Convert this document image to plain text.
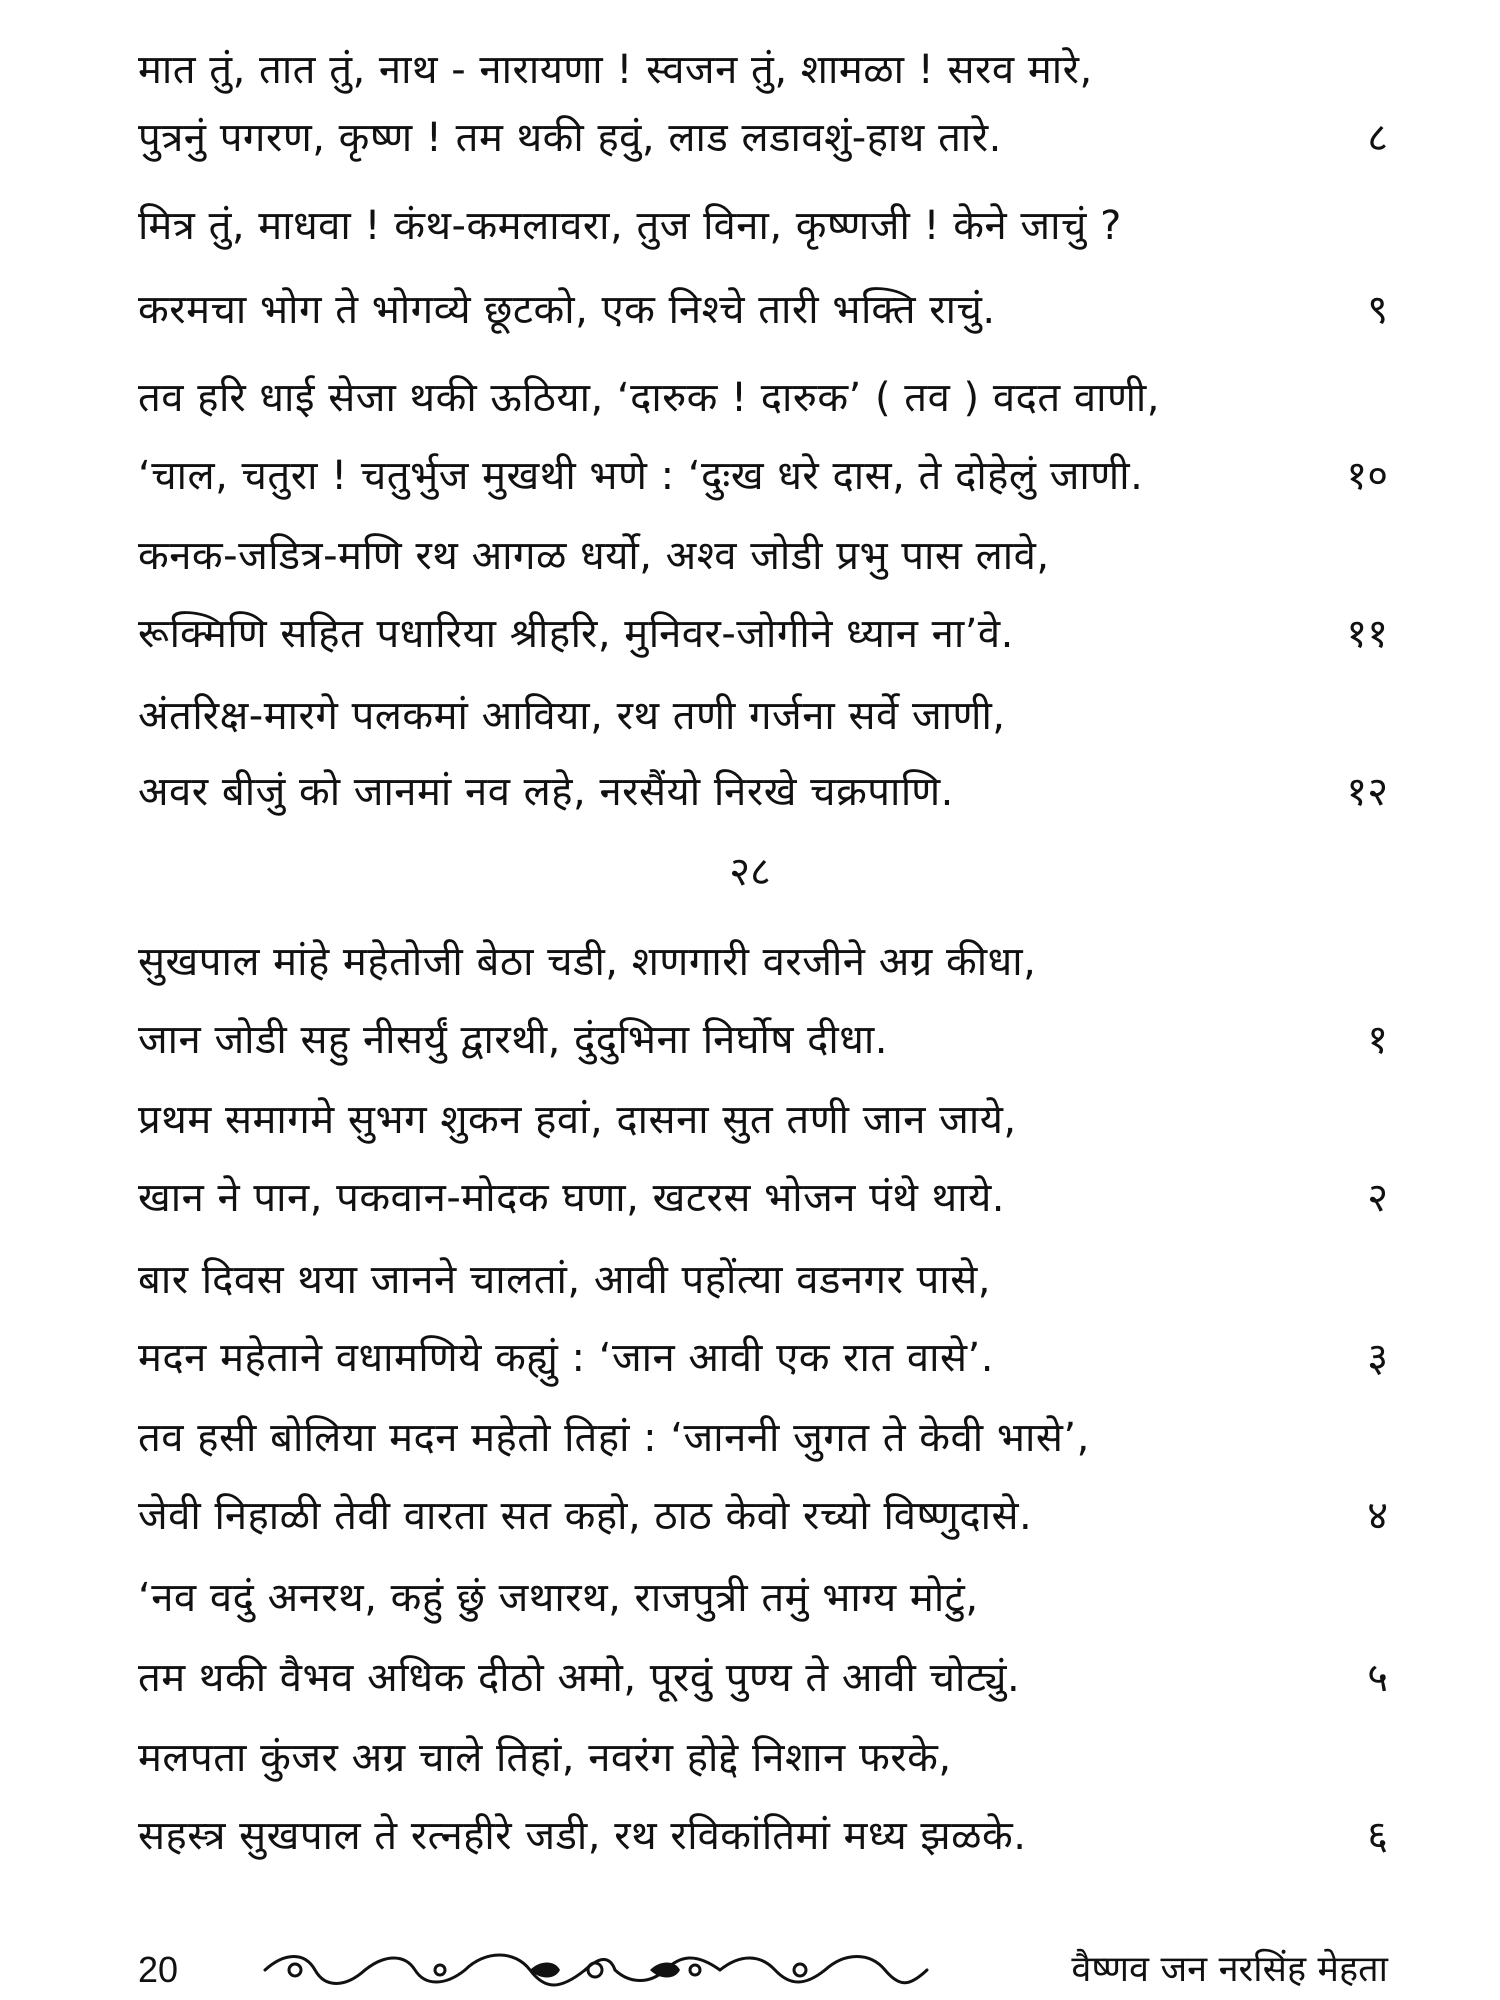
मात तुं, तात तुं, नाथ - नारायणा ! स्वजन तुं, शामळा ! सरव मारे,
पुत्रनुं पगरण, कृष्ण ! तम थकी हवुं, लाड लडावशुं-हाथ तारे.	८
मित्र तुं, माधवा ! कंथ-कमलावरा, तुज विना, कृष्णजी ! केने जाचुं ?
करमचा भोग ते भोगव्ये छूटको, एक निश्चे तारी भक्ति राचुं.	९
तव हरि धाई सेजा थकी ऊठिया, ‘दारुक ! दारुक’ ( तव ) वदत वाणी,
‘चाल, चतुरा ! चतुर्भुज मुखथी भणे : ‘दुःख धरे दास, ते दोहेलुं जाणी.	१०
कनक-जडित्र-मणि रथ आगळ धर्यो, अश्व जोडी प्रभु पास लावे,
रूक्मिणि सहित पधारिया श्रीहरि, मुनिवर-जोगीने ध्यान ना’वे.	११
अंतरिक्ष-मारगे पलकमां आविया, रथ तणी गर्जना सर्वे जाणी,
अवर बीजुं को जानमां नव लहे, नरसैंयो निरखे चक्रपाणि.	१२
२८
सुखपाल मांहे महेतोजी बेठा चडी, शणगारी वरजीने अग्र कीधा,
जान जोडी सहु नीसर्युं द्वारथी, दुंदुभिना निर्घोष दीधा.	१
प्रथम समागमे सुभग शुकन हवां, दासना सुत तणी जान जाये,
खान ने पान, पकवान-मोदक घणा, खटरस भोजन पंथे थाये.	२
बार दिवस थया जानने चालतां, आवी पहोंत्या वडनगर पासे,
मदन महेताने वधामणिये कह्युं : ‘जान आवी एक रात वासे’.	३
तव हसी बोलिया मदन महेतो तिहां : ‘जाननी जुगत ते केवी भासे’,
जेवी निहाळी तेवी वारता सत कहो, ठाठ केवो रच्यो विष्णुदासे.	४
‘नव वदुं अनरथ, कहुं छुं जथारथ, राजपुत्री तमुं भाग्य मोटुं,
तम थकी वैभव अधिक दीठो अमो, पूरवुं पुण्य ते आवी चोट्युं.	५
मलपता कुंजर अग्र चाले तिहां, नवरंग होद्दे निशान फरके,
सहस्त्र सुखपाल ते रत्नहीरे जडी, रथ रविकांतिमां मध्य झळके.	६
20	वैष्णव जन नरसिंह मेहता
